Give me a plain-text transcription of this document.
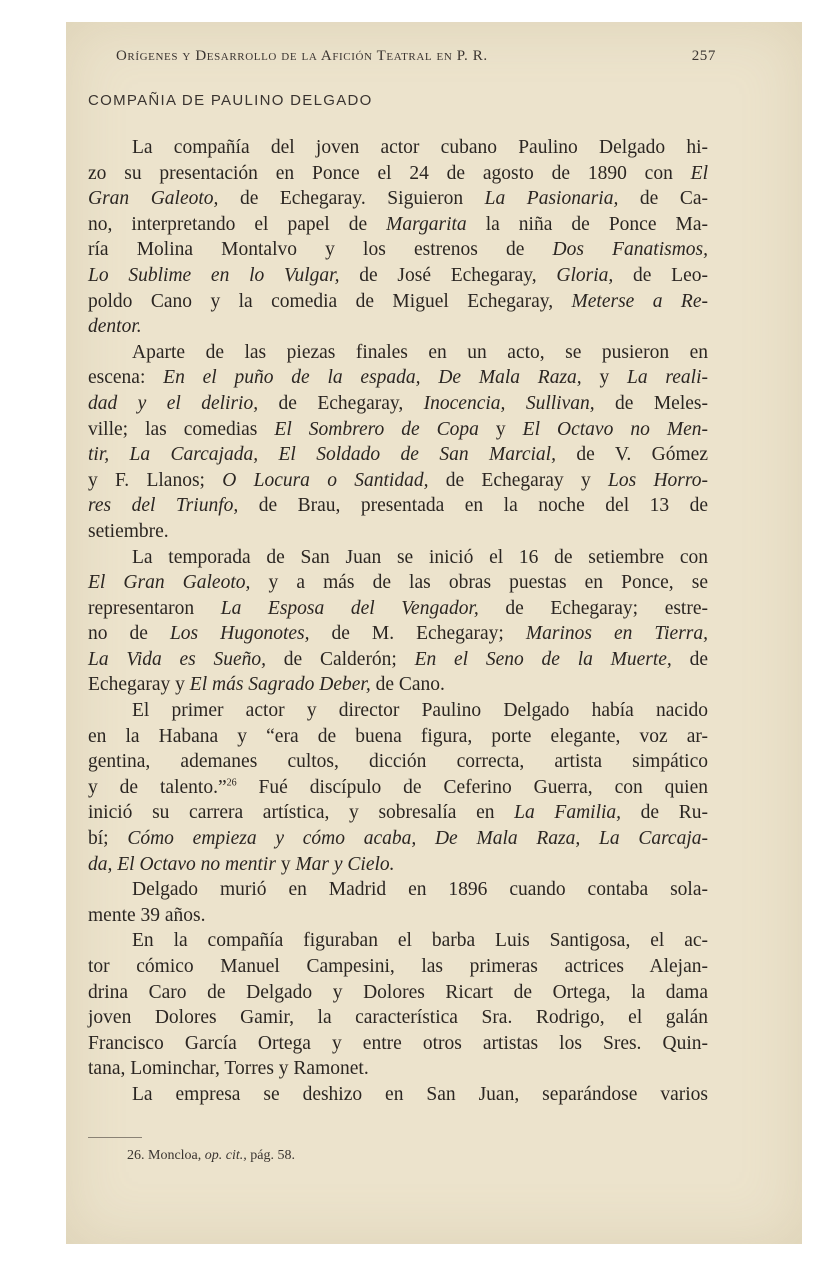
Orígenes y Desarrollo de la Afición Teatral en P. R.	257
COMPAÑIA DE PAULINO DELGADO
La compañía del joven actor cubano Paulino Delgado hi-
zo su presentación en Ponce el 24 de agosto de 1890 con El
Gran Galeoto, de Echegaray. Siguieron La Pasionaria, de Ca-
no, interpretando el papel de Margarita la niña de Ponce Ma-
ría Molina Montalvo y los estrenos de Dos Fanatismos,
Lo Sublime en lo Vulgar, de José Echegaray, Gloria, de Leo-
poldo Cano y la comedia de Miguel Echegaray, Meterse a Re-
dentor.
Aparte de las piezas finales en un acto, se pusieron en
escena: En el puño de la espada, De Mala Raza, y La reali-
dad y el delirio, de Echegaray, Inocencia, Sullivan, de Meles-
ville; las comedias El Sombrero de Copa y El Octavo no Men-
tir, La Carcajada, El Soldado de San Marcial, de V. Gómez
y F. Llanos; O Locura o Santidad, de Echegaray y Los Horro-
res del Triunfo, de Brau, presentada en la noche del 13 de
setiembre.
La temporada de San Juan se inició el 16 de setiembre con
El Gran Galeoto, y a más de las obras puestas en Ponce, se
representaron La Esposa del Vengador, de Echegaray; estre-
no de Los Hugonotes, de M. Echegaray; Marinos en Tierra,
La Vida es Sueño, de Calderón; En el Seno de la Muerte, de
Echegaray y El más Sagrado Deber, de Cano.
El primer actor y director Paulino Delgado había nacido
en la Habana y “era de buena figura, porte elegante, voz ar-
gentina, ademanes cultos, dicción correcta, artista simpático
y de talento.”$^{26}$ Fué discípulo de Ceferino Guerra, con quien
inició su carrera artística, y sobresalía en La Familia, de Ru-
bí; Cómo empieza y cómo acaba, De Mala Raza, La Carcaja-
da, El Octavo no mentir y Mar y Cielo.
Delgado murió en Madrid en 1896 cuando contaba sola-
mente 39 años.
En la compañía figuraban el barba Luis Santigosa, el ac-
tor cómico Manuel Campesini, las primeras actrices Alejan-
drina Caro de Delgado y Dolores Ricart de Ortega, la dama
joven Dolores Gamir, la característica Sra. Rodrigo, el galán
Francisco García Ortega y entre otros artistas los Sres. Quin-
tana, Lominchar, Torres y Ramonet.
La empresa se deshizo en San Juan, separándose varios
26. Moncloa, op. cit., pág. 58.
